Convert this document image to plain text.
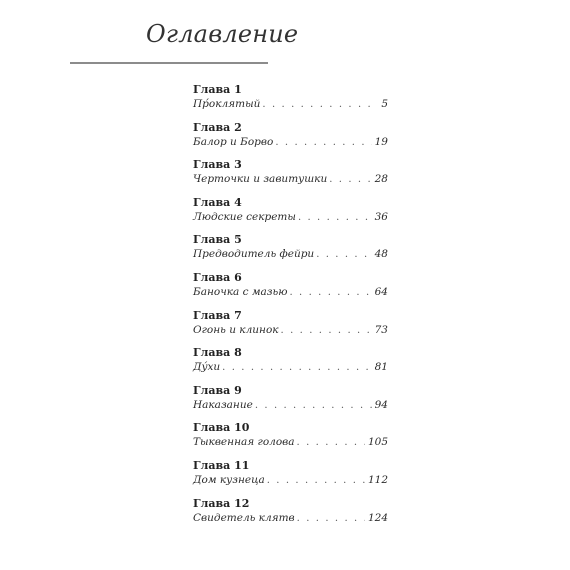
Оглавление
Глава 1
Пр́оклятый . . .	5
Глава 2
Балор и Борво . . .	19
Глава 3
Черточки и завитушки . . .	28
Глава 4
Людские секреты . . .	36
Глава 5
Предводитель фейри . . .	48
Глава 6
Баночка с мазью . . .	64
Глава 7
Огонь и клинок . . .	73
Глава 8
Дýхи . . .	81
Глава 9
Наказание . . .	94
Глава 10
Тыквенная голова . . .	105
Глава 11
Дом кузнеца . . .	112
Глава 12
Свидетель клятв . . .	124
